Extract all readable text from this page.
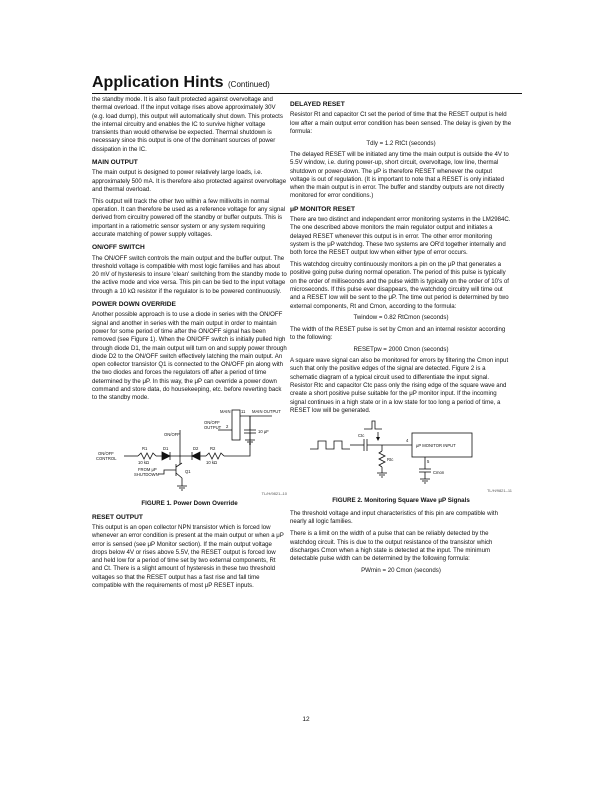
Application Hints (Continued)

the standby mode. It is also fault protected against overvoltage and thermal overload. If the input voltage rises above approximately 30V (e.g. load dump), this output will automatically shut down. This protects the internal circuitry and enables the IC to survive higher voltage transients than would otherwise be expected. Thermal shutdown is necessary since this output is one of the dominant sources of power dissipation in the IC.

MAIN OUTPUT

The main output is designed to power relatively large loads, i.e. approximately 500 mA. It is therefore also protected against overvoltage and thermal overload.

This output will track the other two within a few millivolts in normal operation. It can therefore be used as a reference voltage for any signal derived from circuitry powered off the standby or buffer outputs. This is important in a ratiometric sensor system or any system requiring accurate matching of power supply voltages.

ON/OFF SWITCH

The ON/OFF switch controls the main output and the buffer output. The threshold voltage is compatible with most logic families and has about 20 mV of hysteresis to insure 'clean' switching from the standby mode to the active mode and vice versa. This pin can be tied to the input voltage through a 10 kΩ resistor if the regulator is to be powered continuously.

POWER DOWN OVERRIDE

Another possible approach is to use a diode in series with the ON/OFF signal and another in series with the main output in order to maintain power for some period of time after the ON/OFF signal has been removed (see Figure 1). When the ON/OFF switch is initially pulled high through diode D1, the main output will turn on and supply power through diode D2 to the ON/OFF switch effectively latching the main output. An open collector transistor Q1 is connected to the ON/OFF pin along with the two diodes and forces the regulators off after a period of time determined by the μP. In this way, the μP can override a power down command and store data, do housekeeping, etc. before reverting back to the standby mode.

MAIN	11 MAIN OUTPUT
ON/OFF
OUTPUT 2
ON/OFF
ON/OFF
CONTROL
R1
10 kΩ
D1	D2	R2
10 kΩ
FROM μP
SHUTDOWN
Q1
10 μF
TL/H/9821–10
FIGURE 1. Power Down Override
RESET OUTPUT

This output is an open collector NPN transistor which is forced low whenever an error condition is present at the main output or when a μP error is sensed (see μP Monitor section). If the main output voltage drops below 4V or rises above 5.5V, the RESET output is forced low and held low for a period of time set by two external components, Rt and Ct. There is a slight amount of hysteresis in these two threshold voltages so that the RESET output has a fast rise and fall time compatible with the requirements of most μP RESET inputs.

DELAYED RESET

Resistor Rt and capacitor Ct set the period of time that the RESET output is held low after a main output error condition has been sensed. The delay is given by the formula:

Tdly = 1.2 RtCt (seconds)

The delayed RESET will be initiated any time the main output is outside the 4V to 5.5V window, i.e. during power-up, short circuit, overvoltage, low line, thermal shutdown or power-down. The μP is therefore RESET whenever the output voltage is out of regulation. (It is important to note that a RESET is only initiated when the main output is in error. The buffer and standby outputs are not directly monitored for error conditions.)

μP MONITOR RESET

There are two distinct and independent error monitoring systems in the LM2984C. The one described above monitors the main regulator output and initiates a delayed RESET whenever this output is in error. The other error monitoring system is the μP watchdog. These two systems are OR'd together internally and both force the RESET output low when either type of error occurs.

This watchdog circuitry continuously monitors a pin on the μP that generates a positive going pulse during normal operation. The period of this pulse is typically on the order of milliseconds and the pulse width is typically on the order of 10's of microseconds. If this pulse ever disappears, the watchdog circuitry will time out and a RESET low will be sent to the μP. The time out period is determined by two external components, Rt and Cmon, according to the formula:

Twindow = 0.82 RtCmon (seconds)

The width of the RESET pulse is set by Cmon and an internal resistor according to the following:

RESETpw = 2000 Cmon (seconds)

A square wave signal can also be monitored for errors by filtering the Cmon input such that only the positive edges of the signal are detected. Figure 2 is a schematic diagram of a typical circuit used to differentiate the input signal. Resistor Rtc and capacitor Ctc pass only the rising edge of the square wave and create a short positive pulse suitable for the μP monitor input. If the incoming signal continues in a high state or in a low state for too long a period of time, a RESET low will be generated.

Ctc
Rtc
4
μP MONITOR INPUT
5
Cmon
TL/H/9821–11
FIGURE 2. Monitoring Square Wave μP Signals

The threshold voltage and input characteristics of this pin are compatible with nearly all logic families.

There is a limit on the width of a pulse that can be reliably detected by the watchdog circuit. This is due to the output resistance of the transistor which discharges Cmon when a high state is detected at the input. The minimum detectable pulse width can be determined by the following formula:

PWmin = 20 Cmon (seconds)

12
